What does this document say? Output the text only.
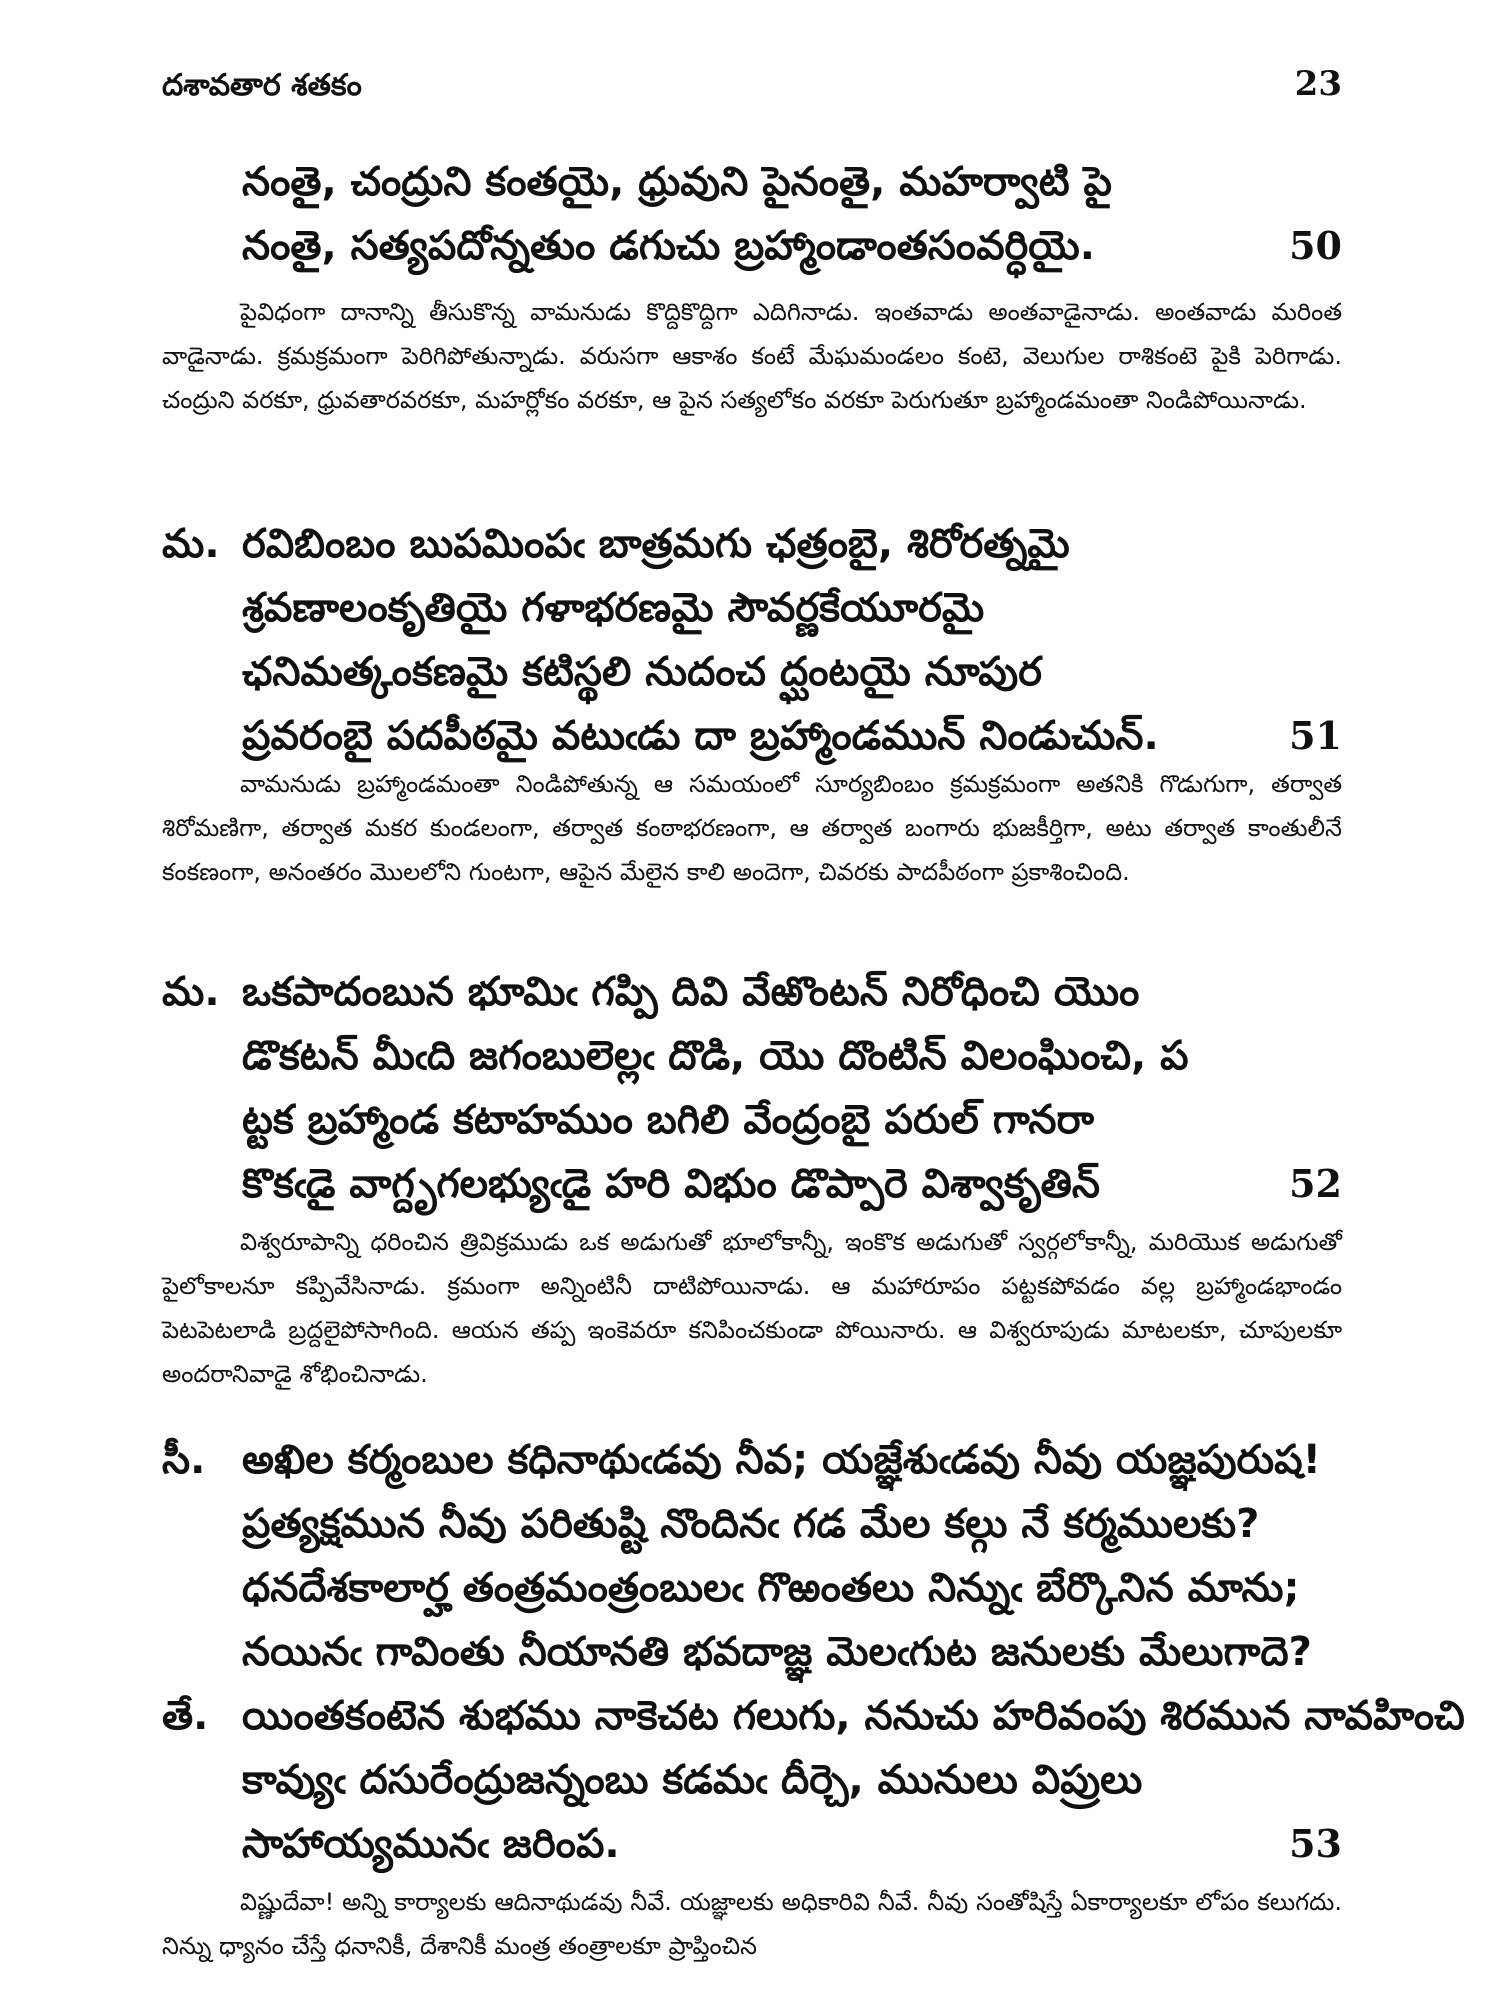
దశావతార శతకం	23
నంతై, చంద్రుని కంతయై, ధ్రువుని పైనంతై, మహర్వాటి పై
నంతై, సత్యపదోన్నతుం డగుచు బ్రహ్మాండాంతసంవర్ధియై.	50
పైవిధంగా దానాన్ని తీసుకొన్న వామనుడు కొద్దికొద్దిగా ఎదిగినాడు. ఇంతవాడు అంతవాడైనాడు. అంతవాడు మరింత వాడైనాడు. క్రమక్రమంగా పెరిగిపోతున్నాడు. వరుసగా ఆకాశం కంటే మేఘమండలం కంటె, వెలుగుల రాశికంటె పైకి పెరిగాడు. చంద్రుని వరకూ, ధ్రువతారవరకూ, మహర్లోకం వరకూ, ఆ పైన సత్యలోకం వరకూ పెరుగుతూ బ్రహ్మాండమంతా నిండిపోయినాడు.
మ. రవిబింబం బుపమింపఁ బాత్రమగు ఛత్రంబై, శిరోరత్నమై
శ్రవణాలంకృతియై గళాభరణమై సౌవర్ణకేయూరమై
ఛనిమత్కంకణమై కటిస్థలి నుదంచ ద్ఘంటయై నూపుర
ప్రవరంబై పదపీఠమై వటుఁడు దా బ్రహ్మాండమున్ నిండుచున్.	51
వామనుడు బ్రహ్మాండమంతా నిండిపోతున్న ఆ సమయంలో సూర్యబింబం క్రమక్రమంగా అతనికి గొడుగుగా, తర్వాత శిరోమణిగా, తర్వాత మకర కుండలంగా, తర్వాత కంఠాభరణంగా, ఆ తర్వాత బంగారు భుజకీర్తిగా, అటు తర్వాత కాంతులీనే కంకణంగా, అనంతరం మొలలోని గుంటగా, ఆపైన మేలైన కాలి అందెగా, చివరకు పాదపీఠంగా ప్రకాశించింది.
మ. ఒకపాదంబున భూమిఁ గప్పి దివి వేఱొంటన్ నిరోధించి యొం
డొకటన్ మీఁది జగంబులెల్లఁ దొడి, యొ దొంటిన్ విలంఘించి, ప
ట్టక బ్రహ్మాండ కటాహముం బగిలి వేంద్రంబై పరుల్ గానరా
కొకఁడై వాగ్దృగలభ్యుఁడై హరి విభుం డొప్పారె విశ్వాకృతిన్	52
విశ్వరూపాన్ని ధరించిన త్రివిక్రముడు ఒక అడుగుతో భూలోకాన్నీ, ఇంకొక అడుగుతో స్వర్గలోకాన్నీ, మరియొక అడుగుతో పైలోకాలనూ కప్పివేసినాడు. క్రమంగా అన్నింటినీ దాటిపోయినాడు. ఆ మహారూపం పట్టకపోవడం వల్ల బ్రహ్మాండభాండం పెటపెటలాడి బ్రద్దలైపోసాగింది. ఆయన తప్ప ఇంకెవరూ కనిపించకుండా పోయినారు. ఆ విశ్వరూపుడు మాటలకూ, చూపులకూ అందరానివాడై శోభించినాడు.
సీ. అఖిల కర్మంబుల కధినాథుఁడవు నీవ; యజ్ఞేశుఁడవు నీవు యజ్ఞపురుష!
ప్రత్యక్షమున నీవు పరితుష్టి నొందినఁ గడ మేల కల్గు నే కర్మములకు?
ధనదేశకాలార్హ తంత్రమంత్రంబులఁ గొఱంతలు నిన్నుఁ బేర్కొనిన మాను;
నయినఁ గావింతు నీయానతి భవదాజ్ఞ మెలఁగుట జనులకు మేలుగాదె?
తే. యింతకంటెన శుభము నాకెచట గలుగు, ననుచు హరివంపు శిరమున నావహించి
కావ్యుఁ దసురేంద్రుజన్నంబు కడమఁ దీర్చె, మునులు విప్రులు
సాహాయ్యమునఁ జరింప.	53
విష్ణుదేవా! అన్ని కార్యాలకు ఆదినాథుడవు నీవే. యజ్ఞాలకు అధికారివి నీవే. నీవు సంతోషిస్తే ఏకార్యాలకూ లోపం కలుగదు. నిన్ను ధ్యానం చేస్తే ధనానికీ, దేశానికీ మంత్ర తంత్రాలకూ ప్రాప్తించిన
